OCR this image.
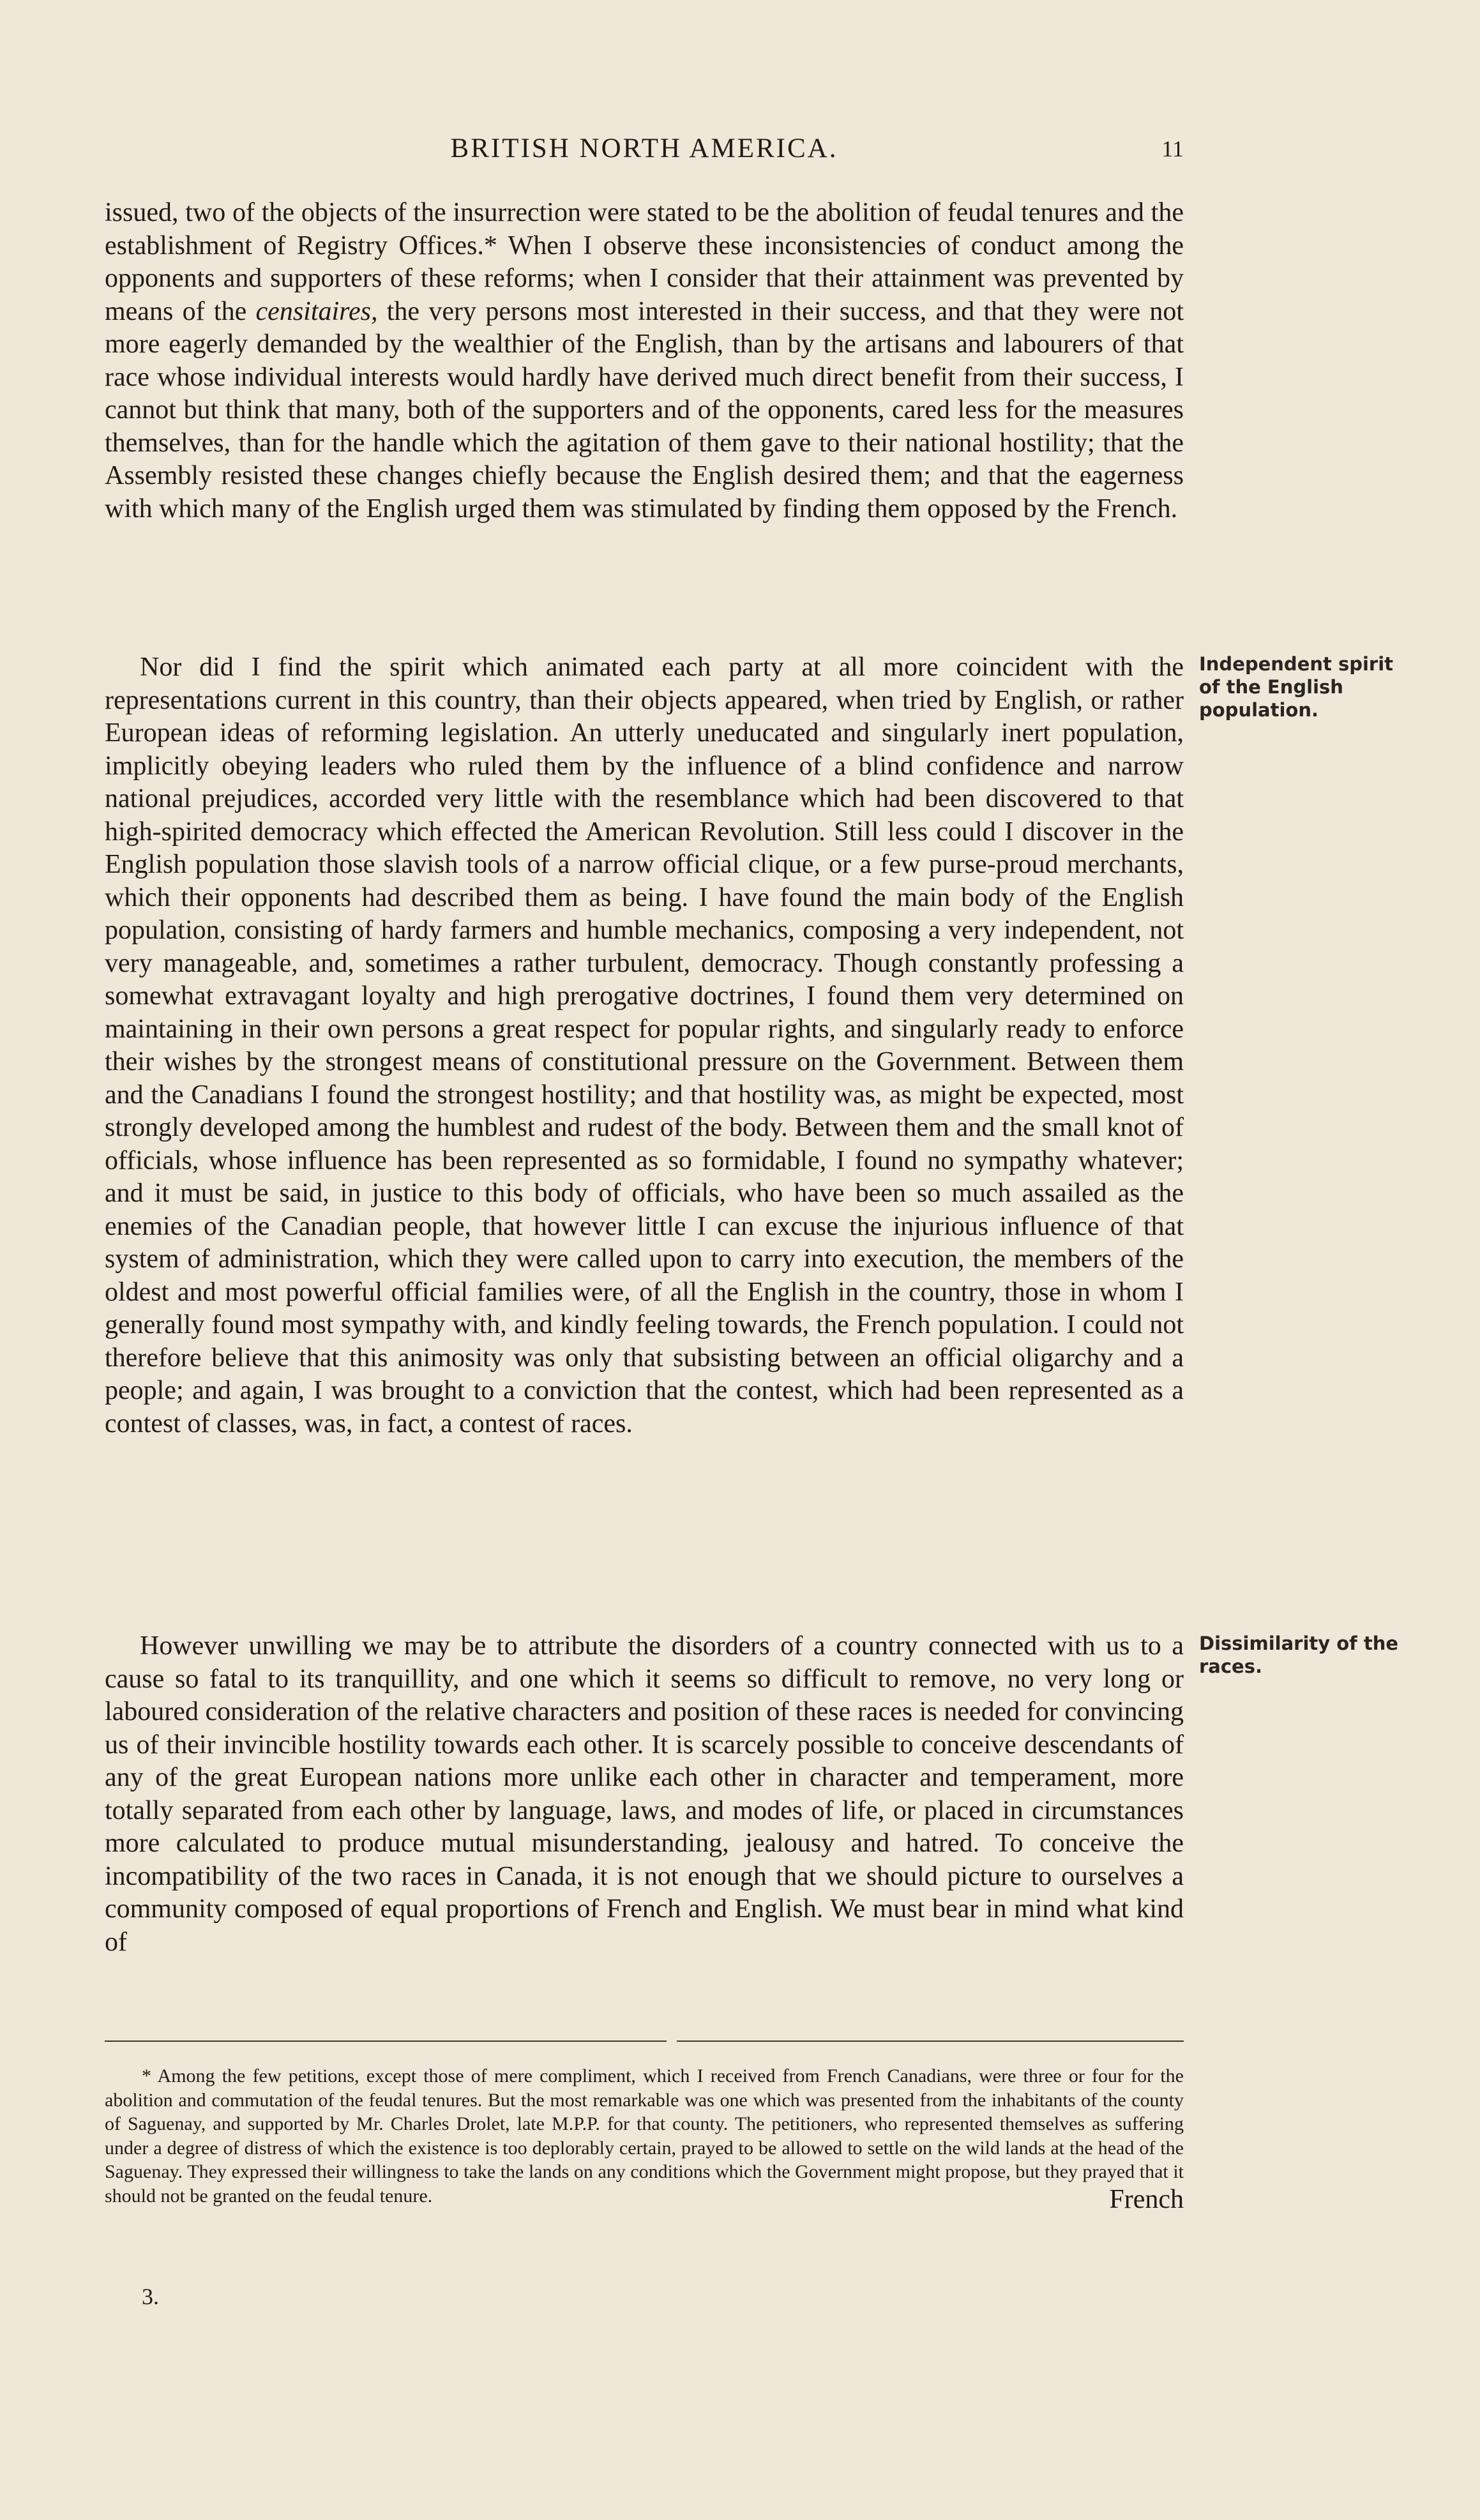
BRITISH NORTH AMERICA.	11

issued, two of the objects of the insurrection were stated to be the abolition of feudal tenures and the establishment of Registry Offices.* When I observe these inconsistencies of conduct among the opponents and supporters of these reforms; when I consider that their attainment was prevented by means of the censitaires, the very persons most interested in their success, and that they were not more eagerly demanded by the wealthier of the English, than by the artisans and labourers of that race whose individual interests would hardly have derived much direct benefit from their success, I cannot but think that many, both of the supporters and of the opponents, cared less for the measures themselves, than for the handle which the agitation of them gave to their national hostility; that the Assembly resisted these changes chiefly because the English desired them; and that the eagerness with which many of the English urged them was stimulated by finding them opposed by the French.

Nor did I find the spirit which animated each party at all more coincident with the representations current in this country, than their objects appeared, when tried by English, or rather European ideas of reforming legislation. An utterly uneducated and singularly inert population, implicitly obeying leaders who ruled them by the influence of a blind confidence and narrow national prejudices, accorded very little with the resemblance which had been discovered to that high-spirited democracy which effected the American Revolution. Still less could I discover in the English population those slavish tools of a narrow official clique, or a few purse-proud merchants, which their opponents had described them as being. I have found the main body of the English population, consisting of hardy farmers and humble mechanics, composing a very independent, not very manageable, and, sometimes a rather turbulent, democracy. Though constantly professing a somewhat extravagant loyalty and high prerogative doctrines, I found them very determined on maintaining in their own persons a great respect for popular rights, and singularly ready to enforce their wishes by the strongest means of constitutional pressure on the Government. Between them and the Canadians I found the strongest hostility; and that hostility was, as might be expected, most strongly developed among the humblest and rudest of the body. Between them and the small knot of officials, whose influence has been represented as so formidable, I found no sympathy whatever; and it must be said, in justice to this body of officials, who have been so much assailed as the enemies of the Canadian people, that however little I can excuse the injurious influence of that system of administration, which they were called upon to carry into execution, the members of the oldest and most powerful official families were, of all the English in the country, those in whom I generally found most sympathy with, and kindly feeling towards, the French population. I could not therefore believe that this animosity was only that subsisting between an official oligarchy and a people; and again, I was brought to a conviction that the contest, which had been represented as a contest of classes, was, in fact, a contest of races.

However unwilling we may be to attribute the disorders of a country connected with us to a cause so fatal to its tranquillity, and one which it seems so difficult to remove, no very long or laboured consideration of the relative characters and position of these races is needed for convincing us of their invincible hostility towards each other. It is scarcely possible to conceive descendants of any of the great European nations more unlike each other in character and temperament, more totally separated from each other by language, laws, and modes of life, or placed in circumstances more calculated to produce mutual misunderstanding, jealousy and hatred. To conceive the incompatibility of the two races in Canada, it is not enough that we should picture to ourselves a community composed of equal proportions of French and English. We must bear in mind what kind of

French
Independent spirit of the English population.
Dissimilarity of the races.

* Among the few petitions, except those of mere compliment, which I received from French Canadians, were three or four for the abolition and commutation of the feudal tenures. But the most remarkable was one which was presented from the inhabitants of the county of Saguenay, and supported by Mr. Charles Drolet, late M.P.P. for that county. The petitioners, who represented themselves as suffering under a degree of distress of which the existence is too deplorably certain, prayed to be allowed to settle on the wild lands at the head of the Saguenay. They expressed their willingness to take the lands on any conditions which the Government might propose, but they prayed that it should not be granted on the feudal tenure.

3.
